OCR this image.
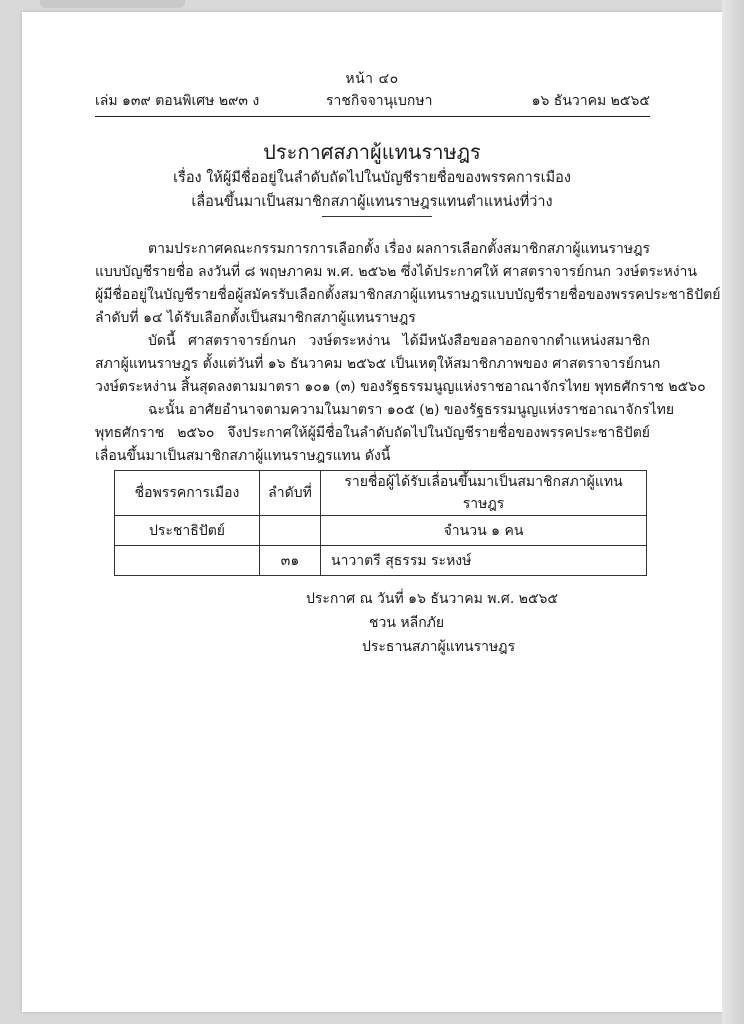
หน้า ๔๐
เล่ม ๑๓๙ ตอนพิเศษ ๒๙๓ ง	ราชกิจจานุเบกษา	๑๖ ธันวาคม ๒๕๖๕
ประกาศสภาผู้แทนราษฎร
เรื่อง ให้ผู้มีชื่ออยู่ในลำดับถัดไปในบัญชีรายชื่อของพรรคการเมือง
เลื่อนขึ้นมาเป็นสมาชิกสภาผู้แทนราษฎรแทนตำแหน่งที่ว่าง
ตามประกาศคณะกรรมการการเลือกตั้ง เรื่อง ผลการเลือกตั้งสมาชิกสภาผู้แทนราษฎร
แบบบัญชีรายชื่อ ลงวันที่ ๘ พฤษภาคม พ.ศ. ๒๕๖๒ ซึ่งได้ประกาศให้ ศาสตราจารย์กนก วงษ์ตระหง่าน
ผู้มีชื่ออยู่ในบัญชีรายชื่อผู้สมัครรับเลือกตั้งสมาชิกสภาผู้แทนราษฎรแบบบัญชีรายชื่อของพรรคประชาธิปัตย์
ลำดับที่ ๑๔ ได้รับเลือกตั้งเป็นสมาชิกสภาผู้แทนราษฎร
บัดนี้ ศาสตราจารย์กนก วงษ์ตระหง่าน ได้มีหนังสือขอลาออกจากตำแหน่งสมาชิก
สภาผู้แทนราษฎร ตั้งแต่วันที่ ๑๖ ธันวาคม ๒๕๖๕ เป็นเหตุให้สมาชิกภาพของ ศาสตราจารย์กนก
วงษ์ตระหง่าน สิ้นสุดลงตามมาตรา ๑๐๑ (๓) ของรัฐธรรมนูญแห่งราชอาณาจักรไทย พุทธศักราช ๒๕๖๐
ฉะนั้น อาศัยอำนาจตามความในมาตรา ๑๐๕ (๒) ของรัฐธรรมนูญแห่งราชอาณาจักรไทย
พุทธศักราช ๒๕๖๐ จึงประกาศให้ผู้มีชื่อในลำดับถัดไปในบัญชีรายชื่อของพรรคประชาธิปัตย์
เลื่อนขึ้นมาเป็นสมาชิกสภาผู้แทนราษฎรแทน ดังนี้
ชื่อพรรคการเมือง	ลำดับที่	รายชื่อผู้ได้รับเลื่อนขึ้นมาเป็นสมาชิกสภาผู้แทนราษฎร
ประชาธิปัตย์		จำนวน ๑ คน
	๓๑	นาวาตรี สุธรรม ระหงษ์
ประกาศ ณ วันที่ ๑๖ ธันวาคม พ.ศ. ๒๕๖๕
ชวน หลีกภัย
ประธานสภาผู้แทนราษฎร
